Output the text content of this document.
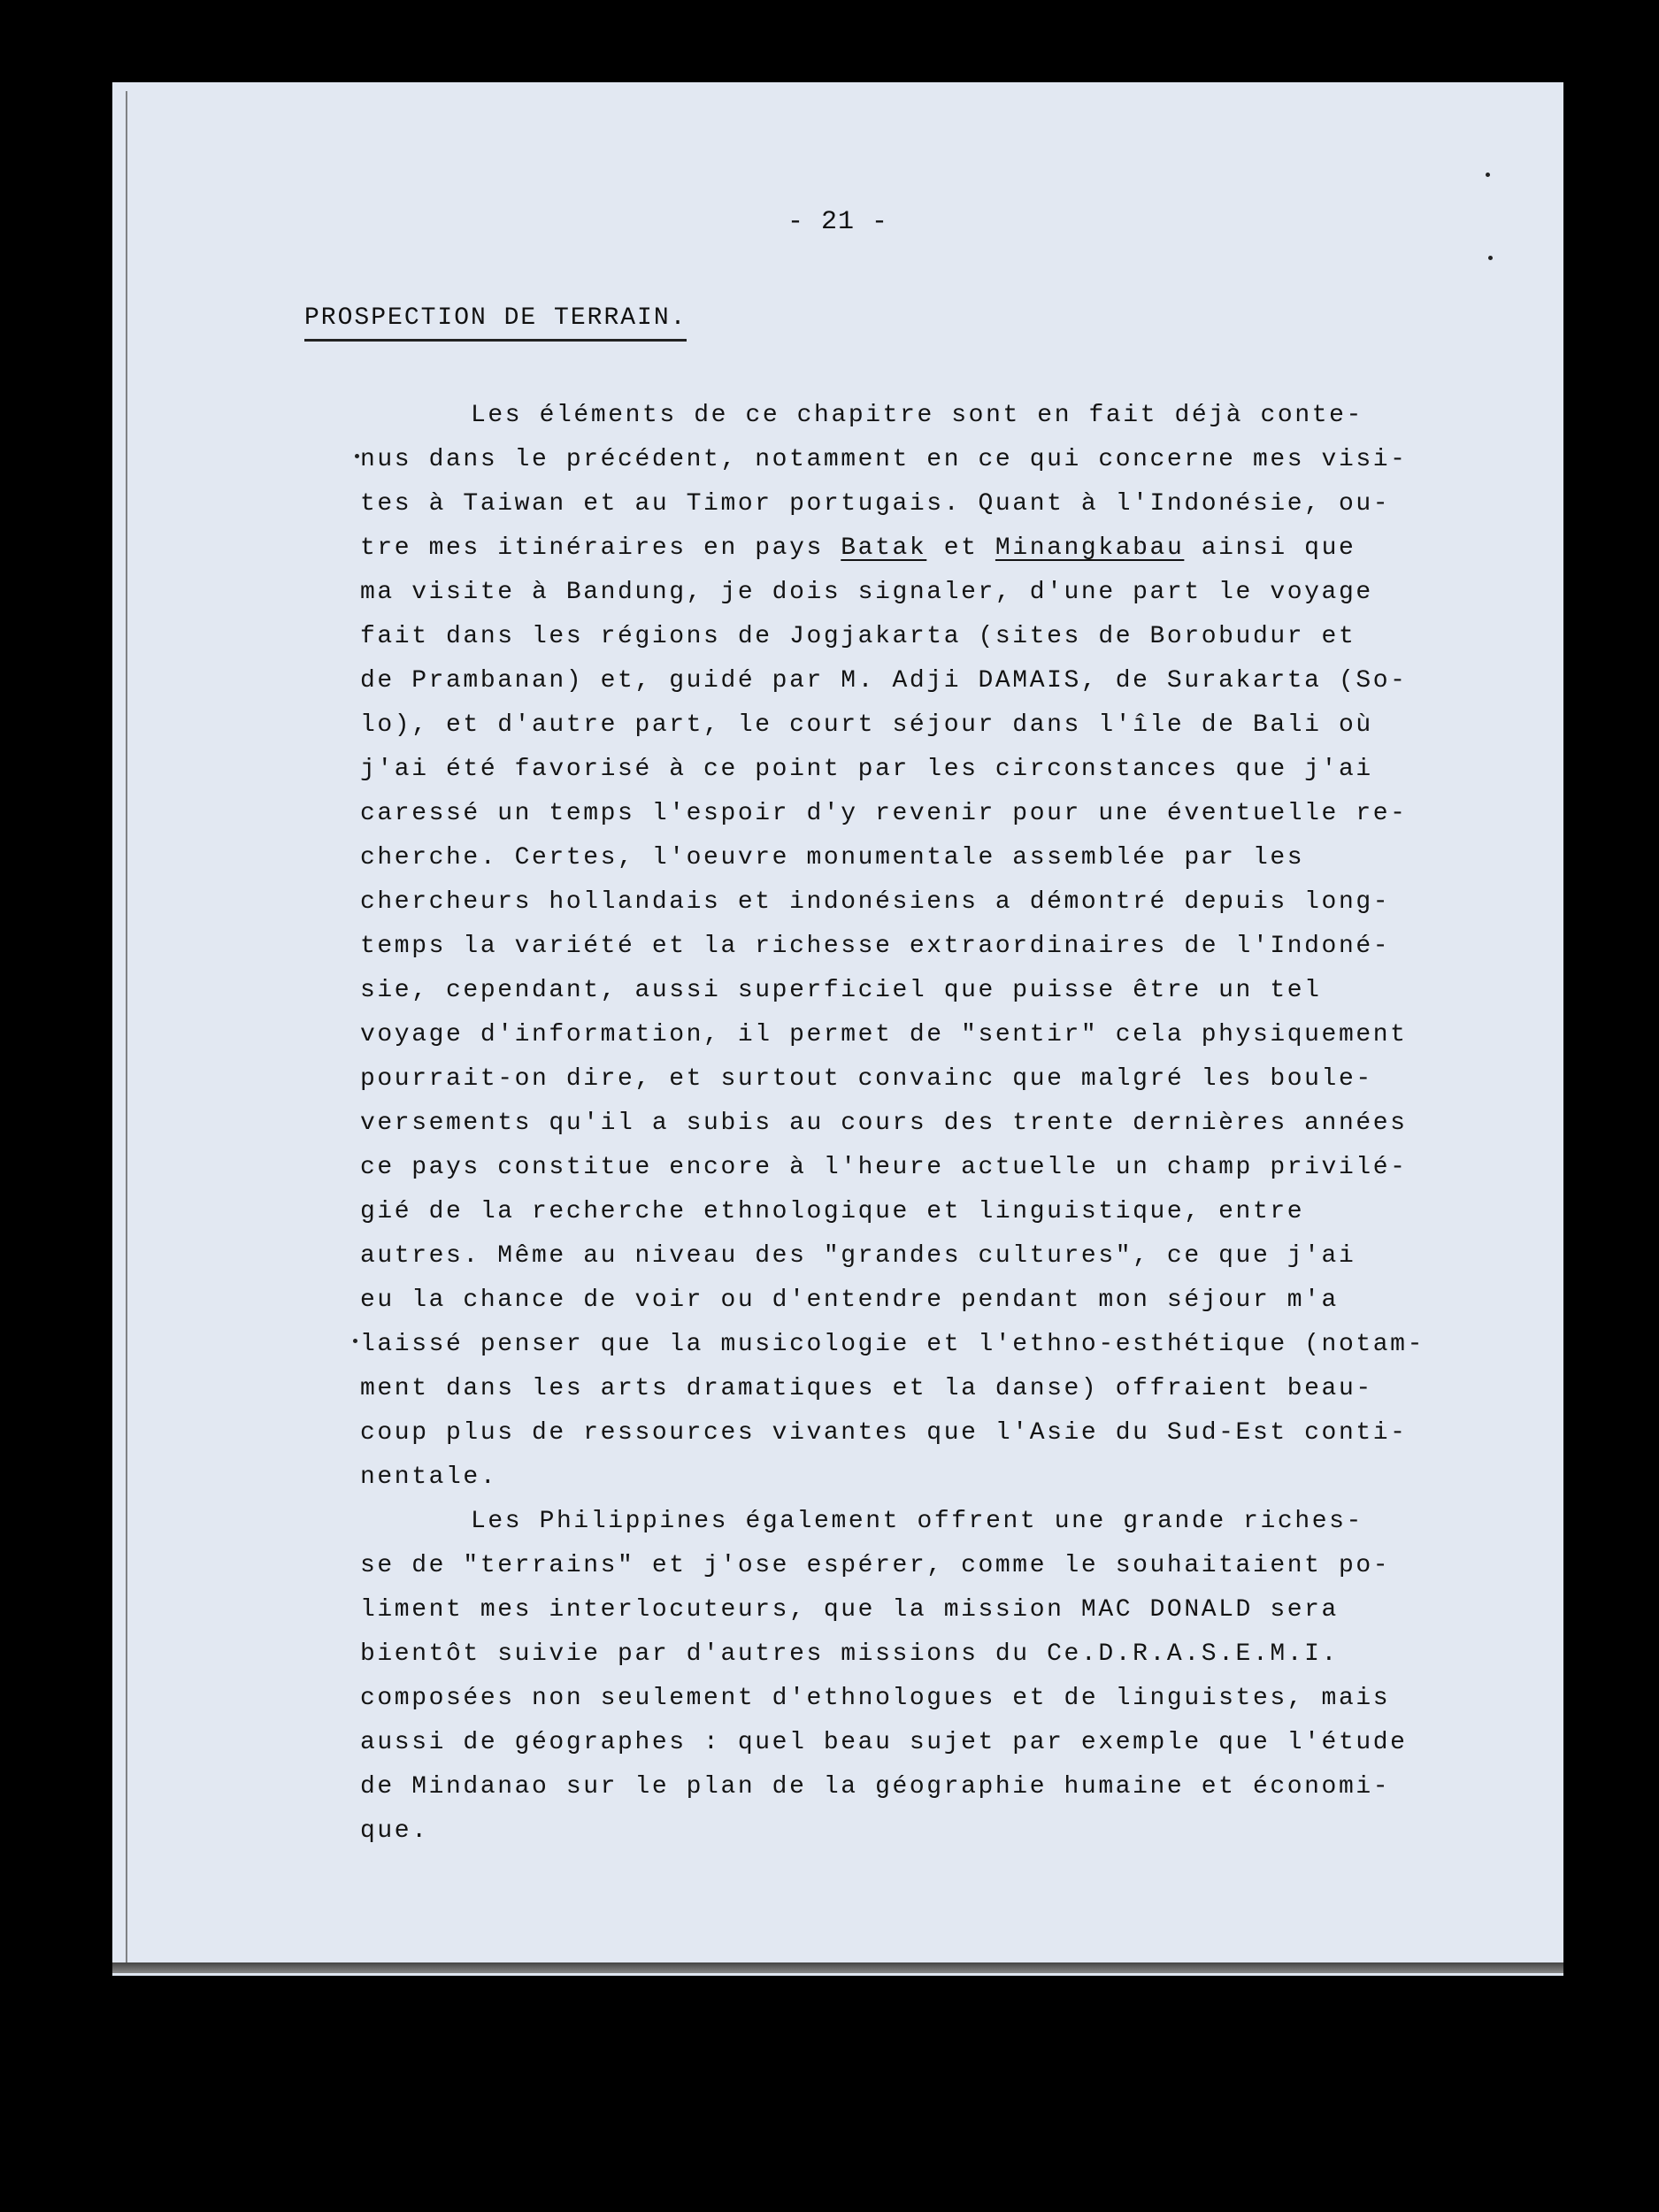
- 21 -
PROSPECTION DE TERRAIN.
Les éléments de ce chapitre sont en fait déjà conte-
nus dans le précédent, notamment en ce qui concerne mes visi-
tes à Taiwan et au Timor portugais. Quant à l'Indonésie, ou-
tre mes itinéraires en pays Batak et Minangkabau ainsi que
ma visite à Bandung, je dois signaler, d'une part le voyage
fait dans les régions de Jogjakarta (sites de Borobudur et
de Prambanan) et, guidé par M. Adji DAMAIS, de Surakarta (So-
lo), et d'autre part, le court séjour dans l'île de Bali où
j'ai été favorisé à ce point par les circonstances que j'ai
caressé un temps l'espoir d'y revenir pour une éventuelle re-
cherche. Certes, l'oeuvre monumentale assemblée par les
chercheurs hollandais et indonésiens a démontré depuis long-
temps la variété et la richesse extraordinaires de l'Indoné-
sie, cependant, aussi superficiel que puisse être un tel
voyage d'information, il permet de "sentir" cela physiquement
pourrait-on dire, et surtout convainc que malgré les boule-
versements qu'il a subis au cours des trente dernières années
ce pays constitue encore à l'heure actuelle un champ privilé-
gié de la recherche ethnologique et linguistique, entre
autres. Même au niveau des "grandes cultures", ce que j'ai
eu la chance de voir ou d'entendre pendant mon séjour m'a
laissé penser que la musicologie et l'ethno-esthétique (notam-
ment dans les arts dramatiques et la danse) offraient beau-
coup plus de ressources vivantes que l'Asie du Sud-Est conti-
nentale.
Les Philippines également offrent une grande riches-
se de "terrains" et j'ose espérer, comme le souhaitaient po-
liment mes interlocuteurs, que la mission MAC DONALD sera
bientôt suivie par d'autres missions du Ce.D.R.A.S.E.M.I.
composées non seulement d'ethnologues et de linguistes, mais
aussi de géographes : quel beau sujet par exemple que l'étude
de Mindanao sur le plan de la géographie humaine et économi-
que.
